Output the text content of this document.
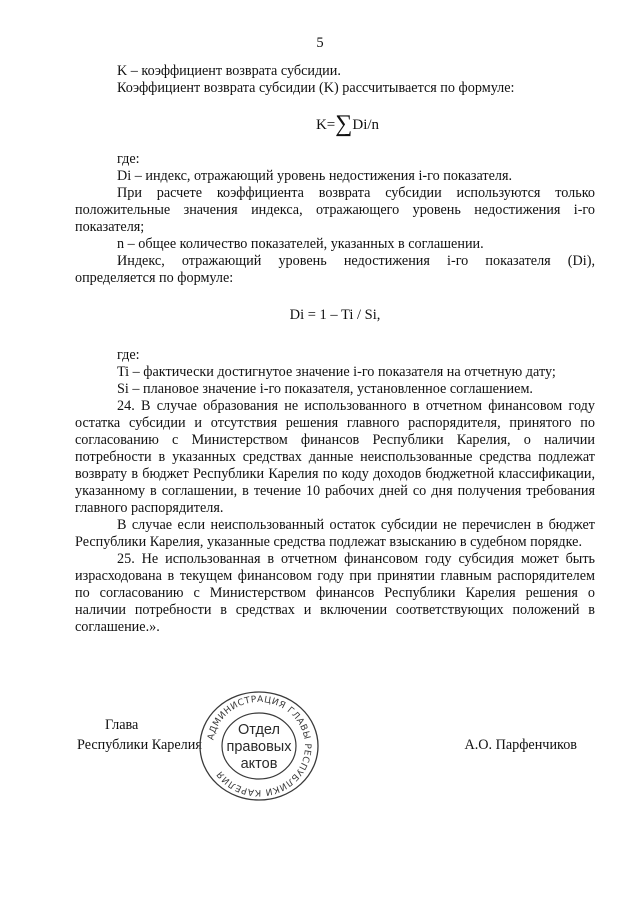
5

K – коэффициент возврата субсидии.

Коэффициент возврата субсидии (K) рассчитывается по формуле:

K=∑Di/n

где:

Di – индекс, отражающий уровень недостижения i-го показателя.

При расчете коэффициента возврата субсидии используются только положительные значения индекса, отражающего уровень недостижения i-го показателя;

n – общее количество показателей, указанных в соглашении.

Индекс, отражающий уровень недостижения i-го показателя (Di), определяется по формуле:

Di = 1 – Ti / Si,

где:

Ti – фактически достигнутое значение i-го показателя на отчетную дату;

Si – плановое значение i-го показателя, установленное соглашением.

24. В случае образования не использованного в отчетном финансовом году остатка субсидии и отсутствия решения главного распорядителя, принятого по согласованию с Министерством финансов Республики Карелия, о наличии потребности в указанных средствах данные неиспользованные средства подлежат возврату в бюджет Республики Карелия по коду доходов бюджетной классификации, указанному в соглашении, в течение 10 рабочих дней со дня получения требования главного распорядителя.

В случае если неиспользованный остаток субсидии не перечислен в бюджет Республики Карелия, указанные средства подлежат взысканию в судебном порядке.

25. Не использованная в отчетном финансовом году субсидия может быть израсходована в текущем финансовом году при принятии главным распорядителем по согласованию с Министерством финансов Республики Карелия решения о наличии потребности в средствах и включении соответствующих положений в соглашение.».

Глава
Республики Карелия	А.О. Парфенчиков
АДМИНИСТРАЦИЯ ГЛАВЫ РЕСПУБЛИКИ КАРЕЛИЯ
Отдел
правовых
актов
